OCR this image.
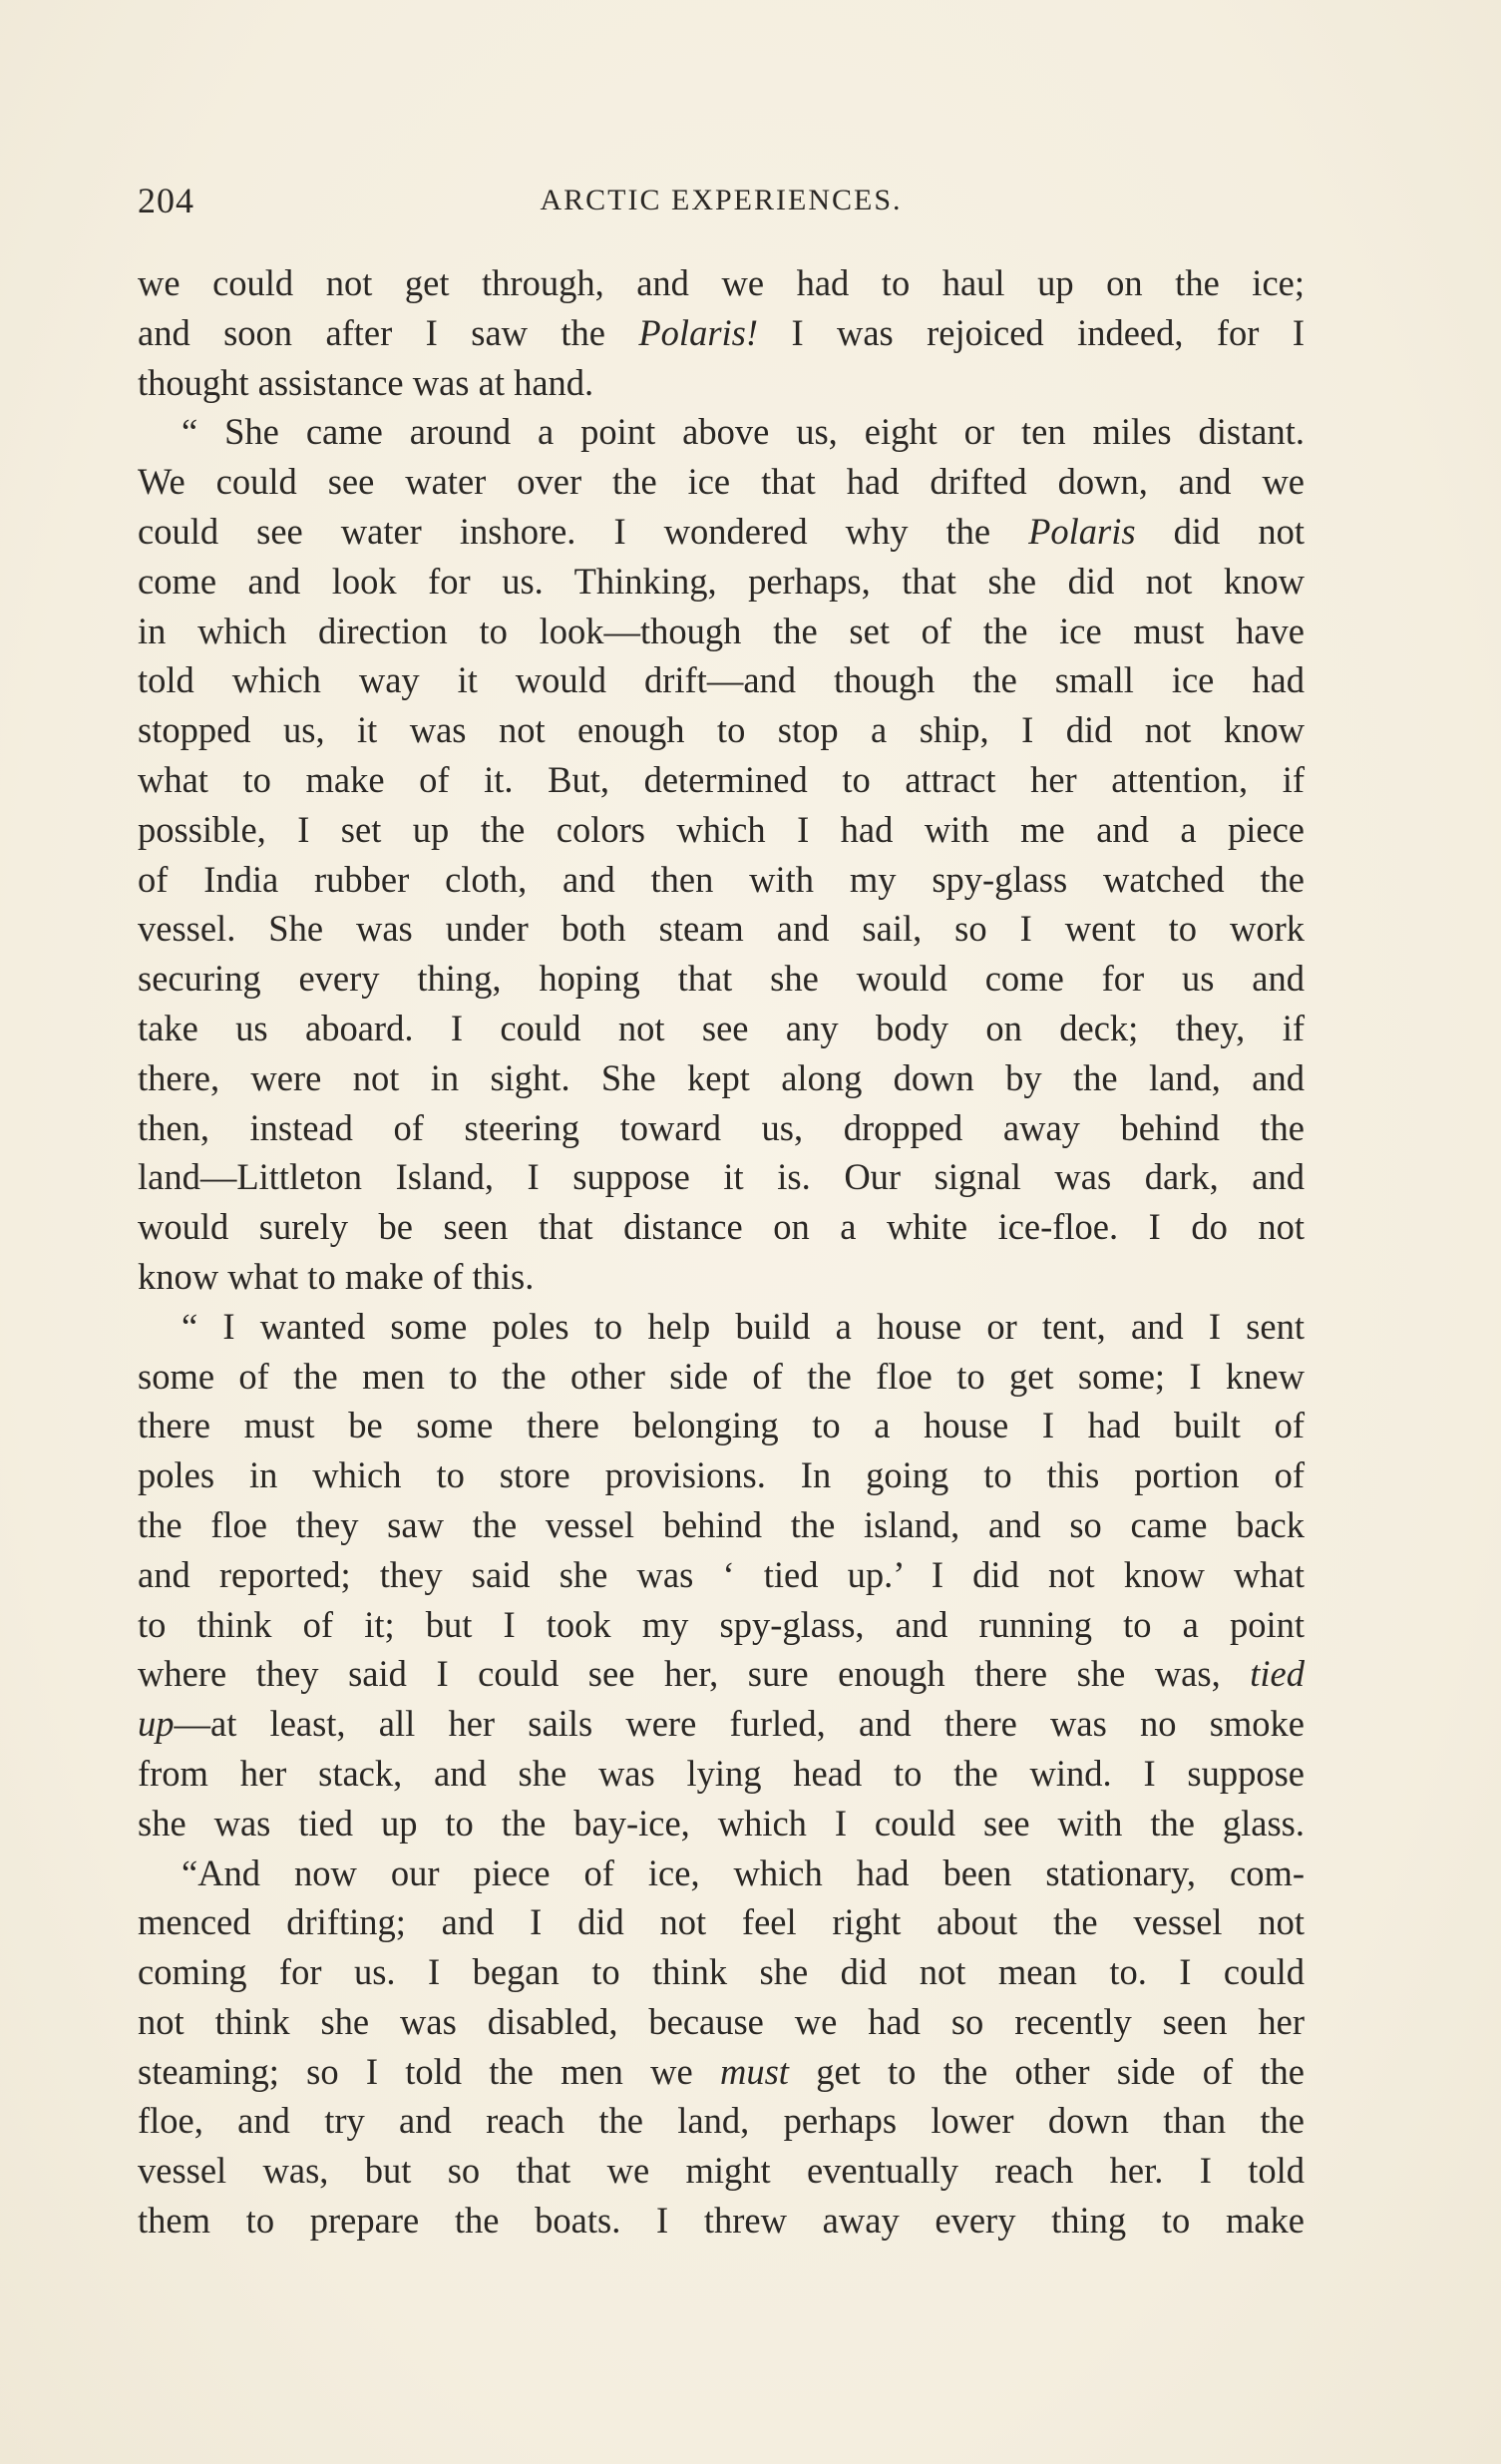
204	ARCTIC EXPERIENCES.
we could not get through, and we had to haul up on the ice;
and soon after I saw the Polaris! I was rejoiced indeed, for I
thought assistance was at hand.
“ She came around a point above us, eight or ten miles distant.
We could see water over the ice that had drifted down, and we
could see water inshore. I wondered why the Polaris did not
come and look for us. Thinking, perhaps, that she did not know
in which direction to look—though the set of the ice must have
told which way it would drift—and though the small ice had
stopped us, it was not enough to stop a ship, I did not know
what to make of it. But, determined to attract her attention, if
possible, I set up the colors which I had with me and a piece
of India rubber cloth, and then with my spy-glass watched the
vessel. She was under both steam and sail, so I went to work
securing every thing, hoping that she would come for us and
take us aboard. I could not see any body on deck; they, if
there, were not in sight. She kept along down by the land, and
then, instead of steering toward us, dropped away behind the
land—Littleton Island, I suppose it is. Our signal was dark, and
would surely be seen that distance on a white ice-floe. I do not
know what to make of this.
“ I wanted some poles to help build a house or tent, and I sent
some of the men to the other side of the floe to get some; I knew
there must be some there belonging to a house I had built of
poles in which to store provisions. In going to this portion of
the floe they saw the vessel behind the island, and so came back
and reported; they said she was ‘ tied up.’ I did not know what
to think of it; but I took my spy-glass, and running to a point
where they said I could see her, sure enough there she was, tied
up—at least, all her sails were furled, and there was no smoke
from her stack, and she was lying head to the wind. I suppose
she was tied up to the bay-ice, which I could see with the glass.
“And now our piece of ice, which had been stationary, com-
menced drifting; and I did not feel right about the vessel not
coming for us. I began to think she did not mean to. I could
not think she was disabled, because we had so recently seen her
steaming; so I told the men we must get to the other side of the
floe, and try and reach the land, perhaps lower down than the
vessel was, but so that we might eventually reach her. I told
them to prepare the boats. I threw away every thing to make
